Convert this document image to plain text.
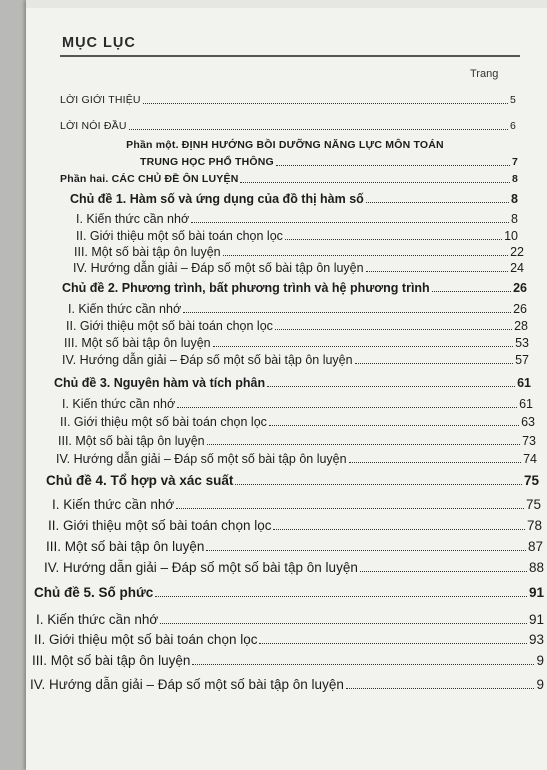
MỤC LỤC
Trang
LỜI GIỚI THIỆU	5
LỜI NÓI ĐẦU	6
Phần một. ĐỊNH HƯỚNG BỒI DƯỠNG NĂNG LỰC MÔN TOÁN
TRUNG HỌC PHỔ THÔNG	7
Phần hai. CÁC CHỦ ĐỀ ÔN LUYỆN	8
Chủ đề 1. Hàm số và ứng dụng của đồ thị hàm số	8
I. Kiến thức cần nhớ	8
II. Giới thiệu một số bài toán chọn lọc	10
III. Một số bài tập ôn luyện	22
IV. Hướng dẫn giải – Đáp số một số bài tập ôn luyện	24
Chủ đề 2. Phương trình, bất phương trình và hệ phương trình	26
I. Kiến thức cần nhớ	26
II. Giới thiệu một số bài toán chọn lọc	28
III. Một số bài tập ôn luyện	53
IV. Hướng dẫn giải – Đáp số một số bài tập ôn luyện	57
Chủ đề 3. Nguyên hàm và tích phân	61
I. Kiến thức cần nhớ	61
II. Giới thiệu một số bài toán chọn lọc	63
III. Một số bài tập ôn luyện	73
IV. Hướng dẫn giải – Đáp số một số bài tập ôn luyện	74
Chủ đề 4. Tổ hợp và xác suất	75
I. Kiến thức cần nhớ	75
II. Giới thiệu một số bài toán chọn lọc	78
III. Một số bài tập ôn luyện	87
IV. Hướng dẫn giải – Đáp số một số bài tập ôn luyện	88
Chủ đề 5. Số phức	91
I. Kiến thức cần nhớ	91
II. Giới thiệu một số bài toán chọn lọc	93
III. Một số bài tập ôn luyện	9
IV. Hướng dẫn giải – Đáp số một số bài tập ôn luyện	9
